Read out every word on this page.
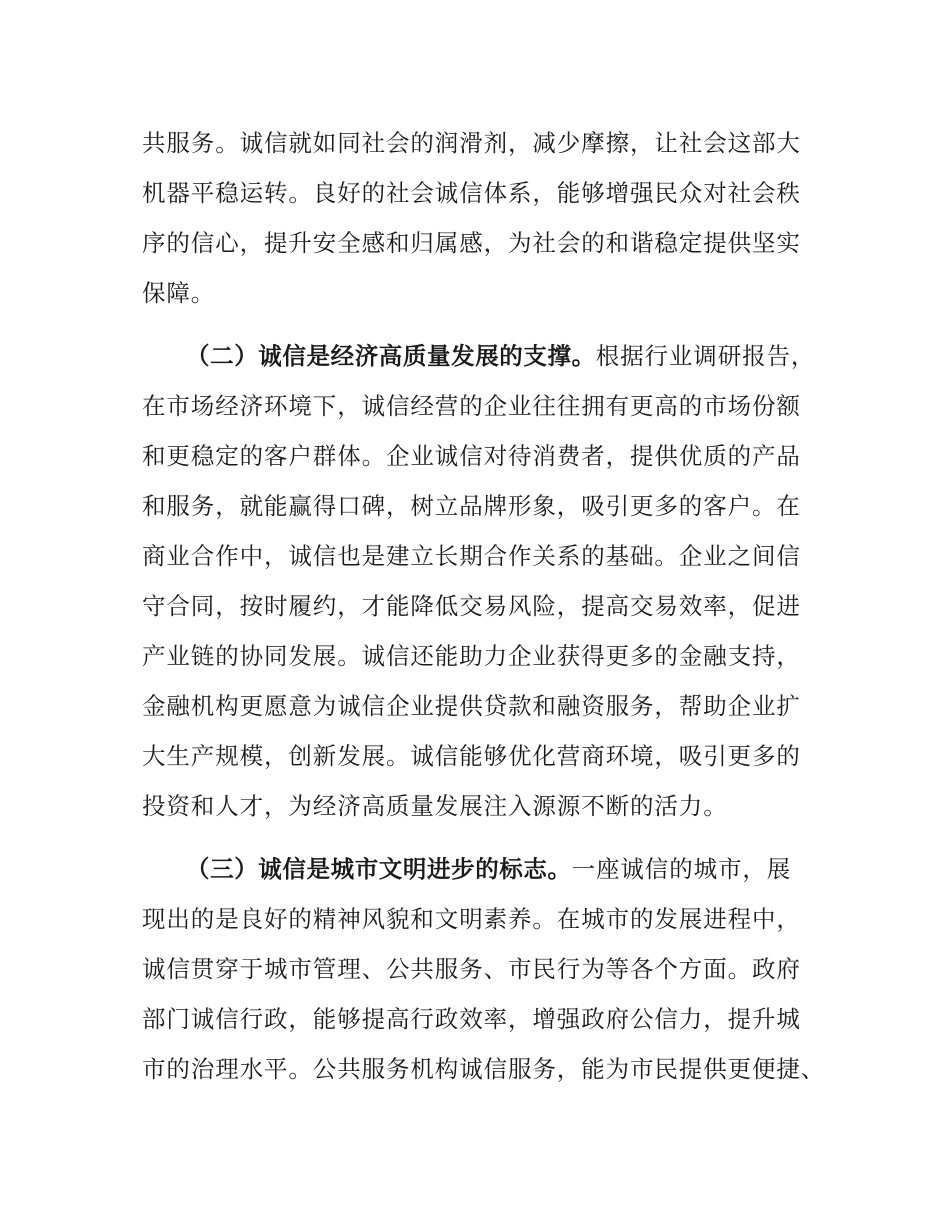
共服务。诚信就如同社会的润滑剂，减少摩擦，让社会这部大
机器平稳运转。良好的社会诚信体系，能够增强民众对社会秩
序的信心，提升安全感和归属感，为社会的和谐稳定提供坚实
保障。
（二）诚信是经济高质量发展的支撑。根据行业调研报告，
在市场经济环境下，诚信经营的企业往往拥有更高的市场份额
和更稳定的客户群体。企业诚信对待消费者，提供优质的产品
和服务，就能赢得口碑，树立品牌形象，吸引更多的客户。在
商业合作中，诚信也是建立长期合作关系的基础。企业之间信
守合同，按时履约，才能降低交易风险，提高交易效率，促进
产业链的协同发展。诚信还能助力企业获得更多的金融支持，
金融机构更愿意为诚信企业提供贷款和融资服务，帮助企业扩
大生产规模，创新发展。诚信能够优化营商环境，吸引更多的
投资和人才，为经济高质量发展注入源源不断的活力。
（三）诚信是城市文明进步的标志。一座诚信的城市，展
现出的是良好的精神风貌和文明素养。在城市的发展进程中，
诚信贯穿于城市管理、公共服务、市民行为等各个方面。政府
部门诚信行政，能够提高行政效率，增强政府公信力，提升城
市的治理水平。公共服务机构诚信服务，能为市民提供更便捷、
